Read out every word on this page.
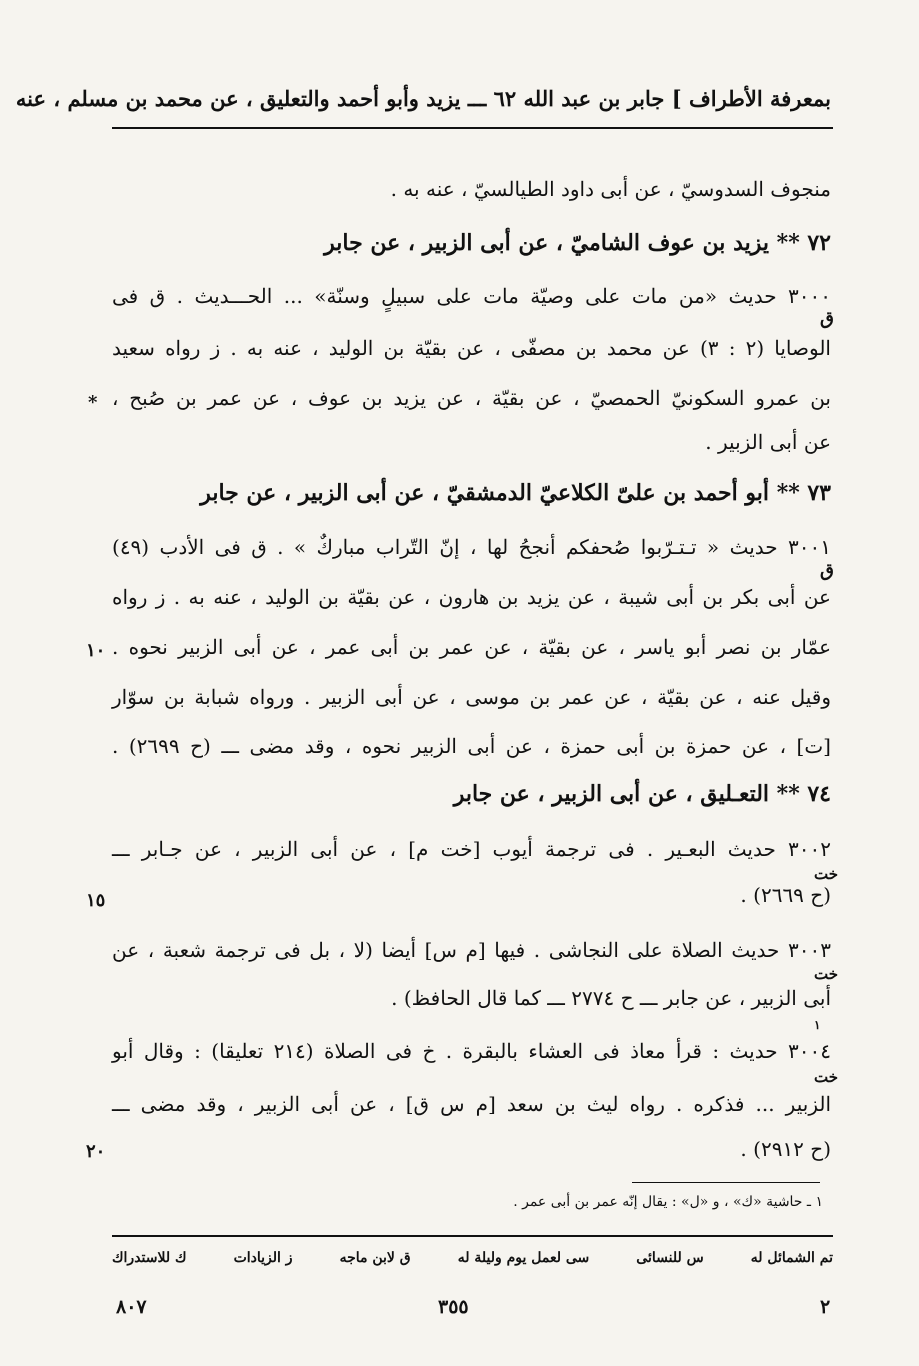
بمعرفة الأطراف ] جابر بن عبد الله ٦٢ ـــ يزيد وأبو أحمد والتعليق ، عن محمد بن مسلم ، عنه
منجوف السدوسيّ ، عن أبى داود الطيالسيّ ، عنه به .
٧٢ ** يزيد بن عوف الشاميّ ، عن أبى الزبير ، عن جابر
٣٠٠٠ حديث «من مات على وصيّة مات على سبيلٍ وسنّة» ... الحـــديث . ق فى
الوصايا (٢ : ٣) عن محمد بن مصفّى ، عن بقيّة بن الوليد ، عنه به . ز رواه سعيد
بن عمرو السكونيّ الحمصيّ ، عن بقيّة ، عن يزيد بن عوف ، عن عمر بن صُبح ،
عن أبى الزبير .
٧٣ ** أبو أحمد بن علىّ الكلاعيّ الدمشقيّ ، عن أبى الزبير ، عن جابر
٣٠٠١ حديث « تـتـرّبوا صُحفكم أنجحُ لها ، إنّ التّراب مباركٌ » . ق فى الأدب (٤٩)
عن أبى بكر بن أبى شيبة ، عن يزيد بن هارون ، عن بقيّة بن الوليد ، عنه به . ز رواه
عمّار بن نصر أبو ياسر ، عن بقيّة ، عن عمر بن أبى عمر ، عن أبى الزبير نحوه .
وقيل عنه ، عن بقيّة ، عن عمر بن موسى ، عن أبى الزبير . ورواه شبابة بن سوّار
[ت] ، عن حمزة بن أبى حمزة ، عن أبى الزبير نحوه ، وقد مضى ـــ (ح ٢٦٩٩) .
٧٤ ** التعـليق ، عن أبى الزبير ، عن جابر
٣٠٠٢ حديث البعـير . فى ترجمة أيوب [خت م] ، عن أبى الزبير ، عن جـابر ـــ
(ح ٢٦٦٩) .
٣٠٠٣ حديث الصلاة على النجاشى . فيها [م س] أيضا (لا ، بل فى ترجمة شعبة ، عن
أبى الزبير ، عن جابر ـــ ح ٢٧٧٤ ـــ كما قال الحافظ) .
٣٠٠٤ حديث : قرأ معاذ فى العشاء بالبقرة . خ فى الصلاة (٢١٤ تعليقا) : وقال أبو
الزبير ... فذكره . رواه ليث بن سعد [م س ق] ، عن أبى الزبير ، وقد مضى ـــ
(ح ٢٩١٢) .
ق
ق
خت
خت
خت
*
١
١٠
١٥
٢٠
١ ـ حاشية «ك» ، و «ل» : يقال إنّه عمر بن أبى عمر .
تم الشمائل له
س للنسائى
سى لعمل يوم وليلة له
ق لابن ماجه
ز الزيادات
ك للاستدراك
٨٠٧	٣٥٥	٢
